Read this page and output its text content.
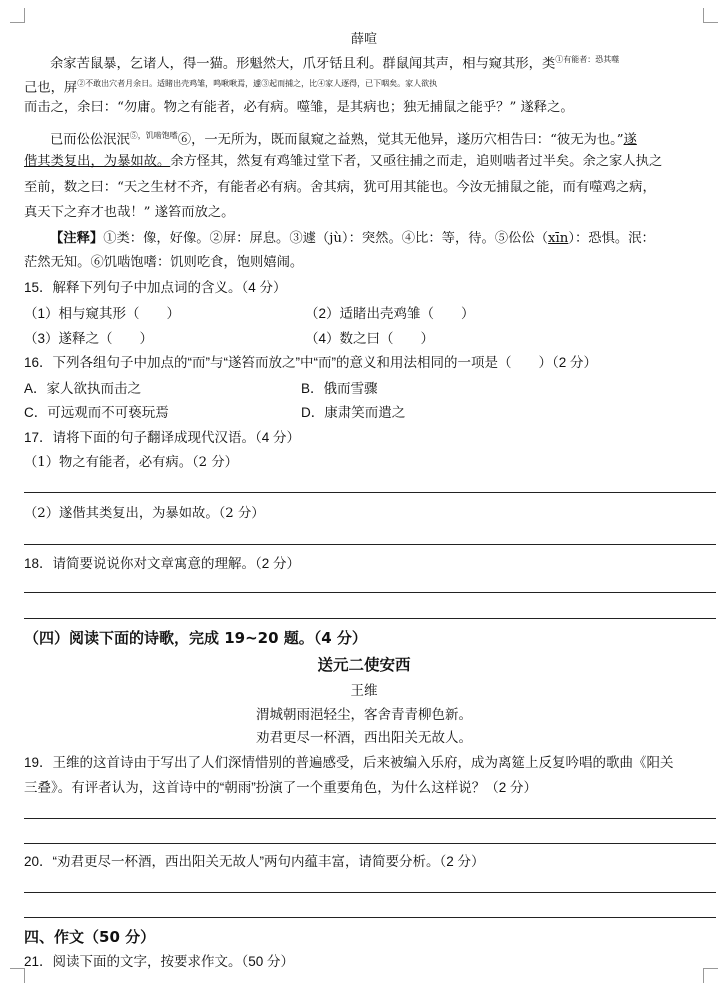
薛喧
余家苦鼠暴，乞诸人，得一猫。形魁然大，爪牙铦且利。群鼠闻其声，相与窥其形，类$^{①有能者:恐其噬}$
己也，屏$^{②不敢出穴者月余日。适睹出壳鸡雏,鸣啾啾焉,遽③起而捕之,比④家人逐得,已下咽矣。家人欲执}$
而击之，余曰：“勿庸。物之有能者，必有病。噬雏，是其病也；独无捕鼠之能乎？” 遂释之。
已而伀伀泯泯$^{⑤,饥啮饱嗜}$⑥，一无所为，既而鼠窥之益熟，觉其无他异，遂历穴相告曰：“彼无为也。”遂
偕其类复出，为暴如故。余方怪其，然复有鸡雏过堂下者，又亟往捕之而走，追则啮者过半矣。余之家人执之
至前，数之曰：“天之生材不齐，有能者必有病。舍其病，犹可用其能也。今汝无捕鼠之能，而有噬鸡之病，
真天下之弃才也哉！” 遂笞而放之。
【注释】①类：像，好像。②屏：屏息。③遽（jù）：突然。④比：等，待。⑤伀伀（xīn）：恐惧。泯：
茫然无知。⑥饥啮饱嗜：饥则吃食，饱则嬉闹。
15．解释下列句子中加点词的含义。（4 分）
（1）相与窥其形（　　）	（2）适睹出壳鸡雏（　　）
（3）遂释之（　　）	（4）数之曰（　　）
16．下列各组句子中加点的“而”与“遂笞而放之”中“而”的意义和用法相同的一项是（　　）（2 分）
A．家人欲执而击之	B．俄而雪骤
C．可远观而不可亵玩焉	D．康肃笑而遣之
17．请将下面的句子翻译成现代汉语。（4 分）
（1）物之有能者，必有病。（2 分）
（2）遂偕其类复出，为暴如故。（2 分）
18．请简要说说你对文章寓意的理解。（2 分）
（四）阅读下面的诗歌，完成 19~20 题。（4 分）
送元二使安西
王维
渭城朝雨浥轻尘，客舍青青柳色新。
劝君更尽一杯酒，西出阳关无故人。
19．王维的这首诗由于写出了人们深情惜别的普遍感受，后来被编入乐府，成为离筵上反复吟唱的歌曲《阳关
三叠》。有评者认为，这首诗中的“朝雨”扮演了一个重要角色，为什么这样说？（2 分）
20．“劝君更尽一杯酒，西出阳关无故人”两句内蕴丰富，请简要分析。（2 分）
四、作文（50 分）
21．阅读下面的文字，按要求作文。（50 分）
